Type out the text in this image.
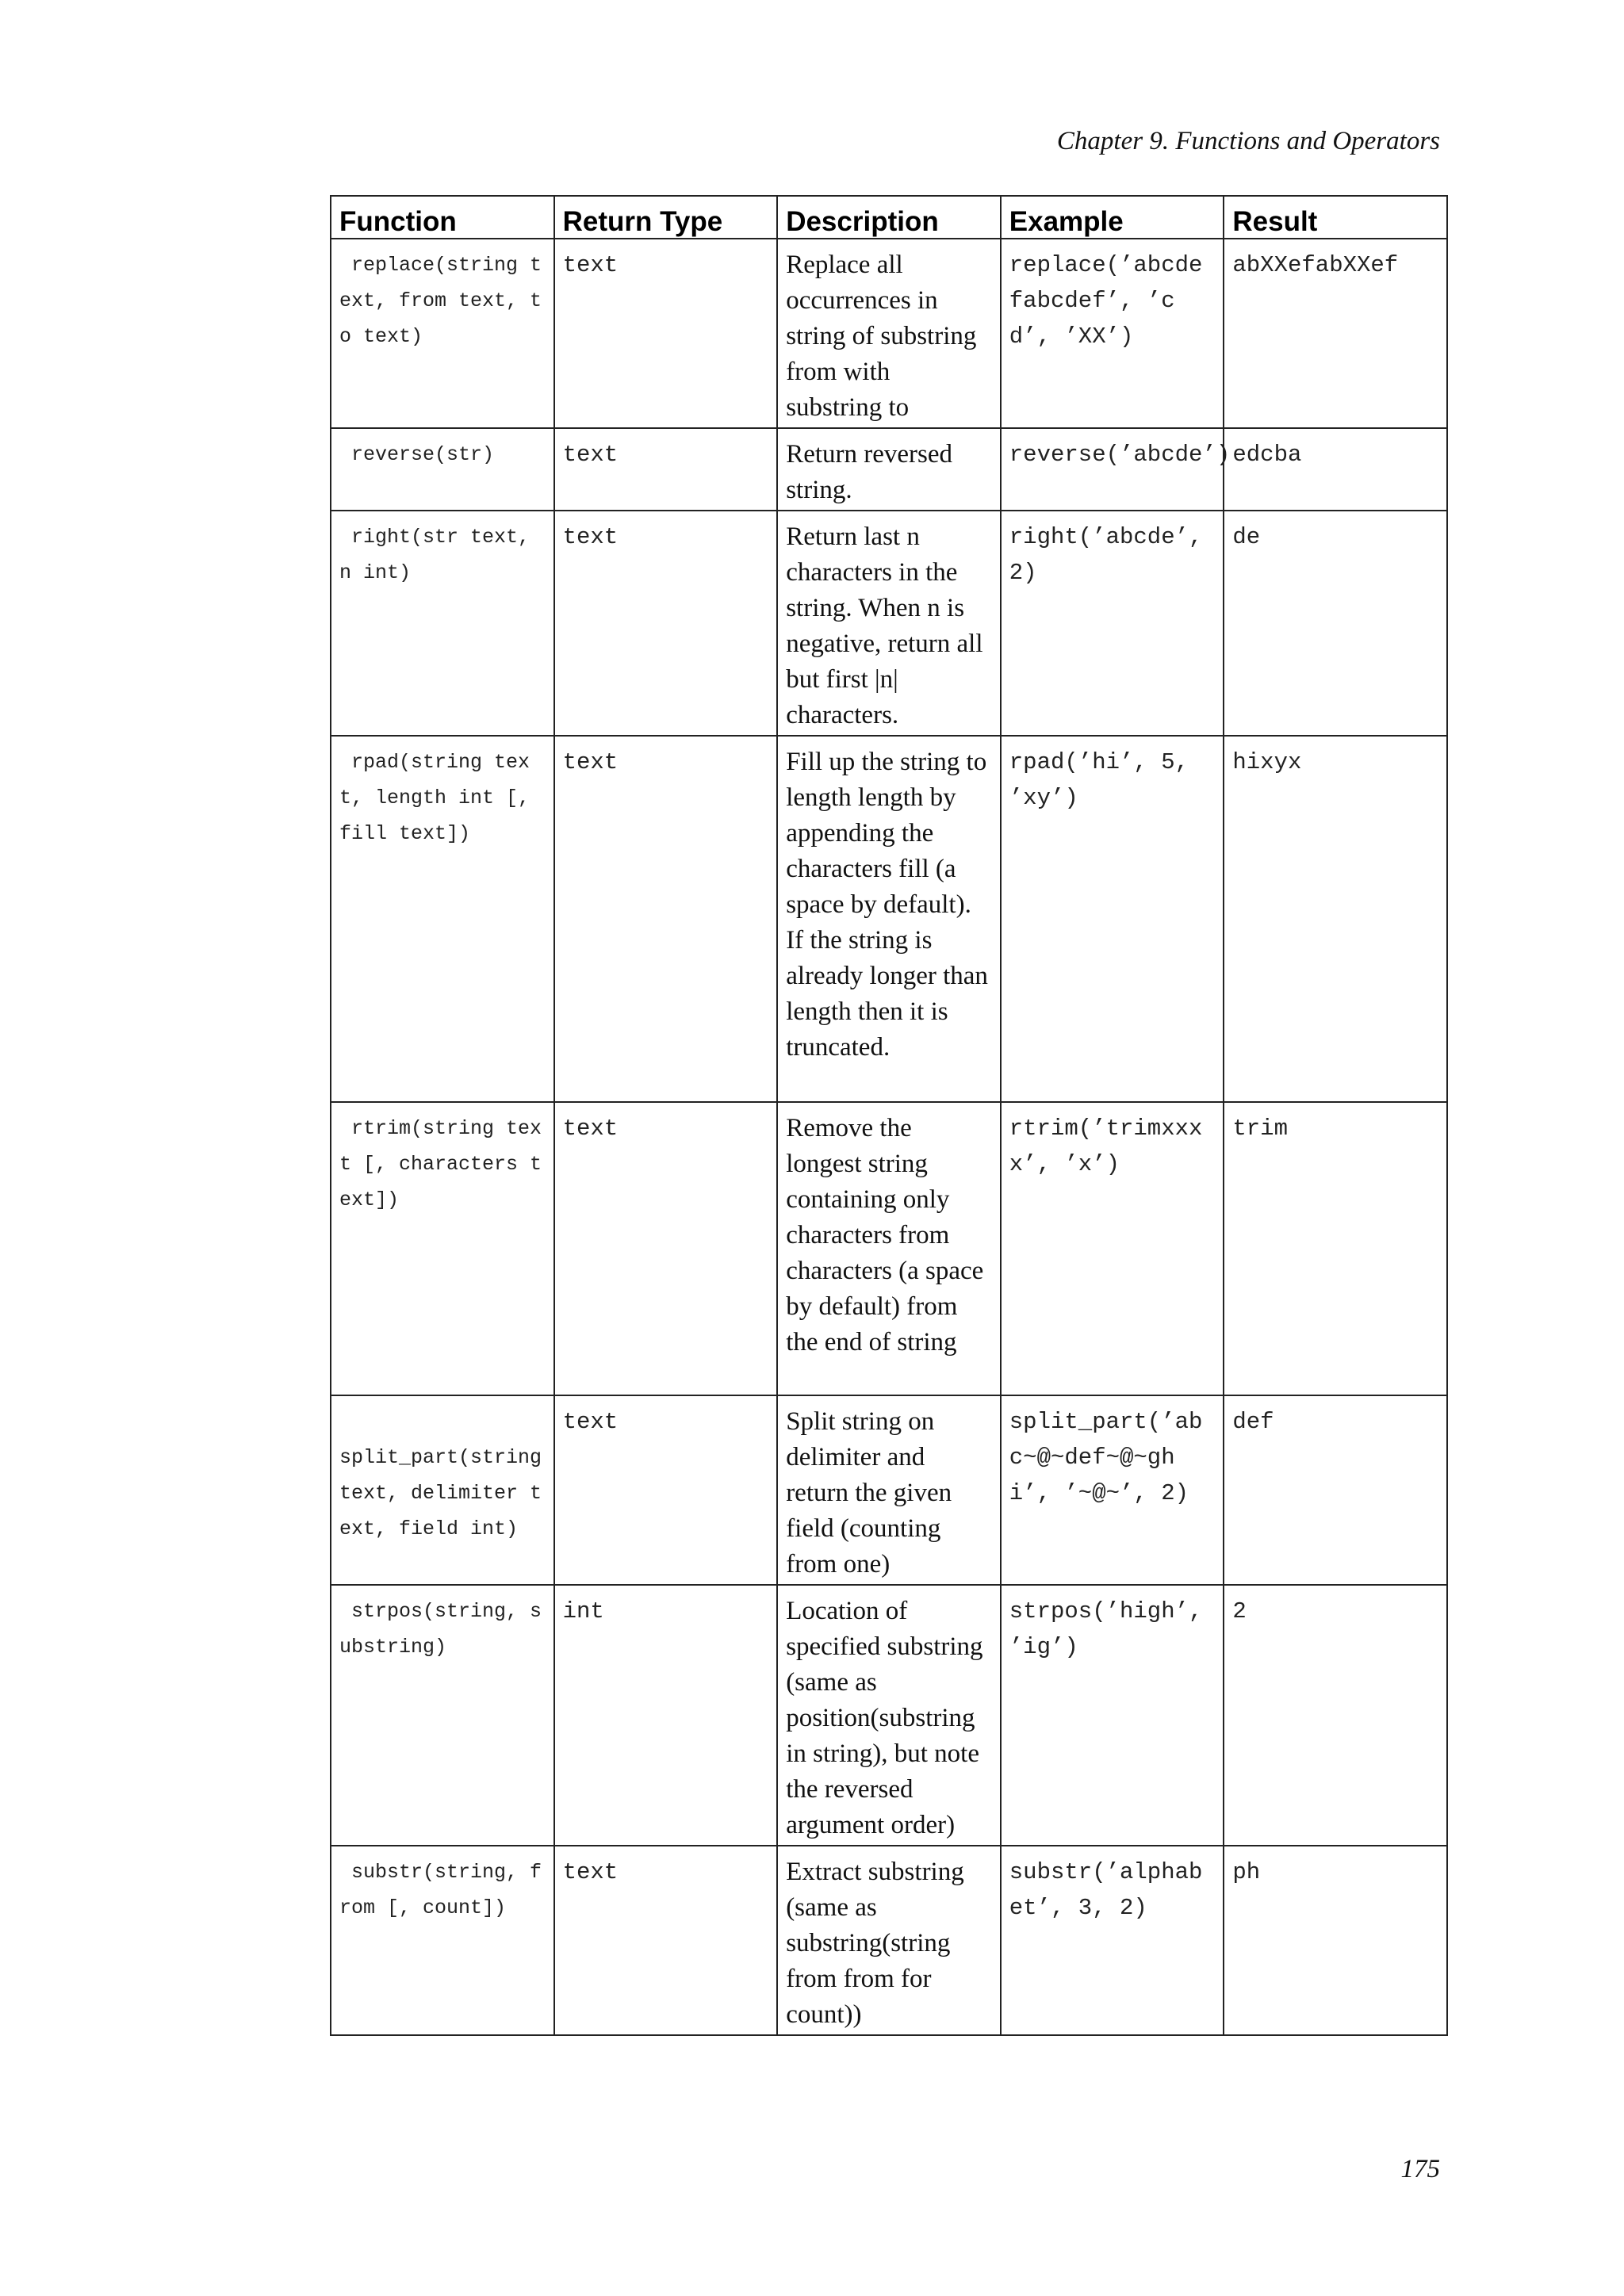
Chapter 9. Functions and Operators
Function	Return Type	Description	Example	Result

replace(string text, from text, to text)	text	Replace all occurrences in string of substring from with substring to	replace(’abcdefabcdef’, ’cd’, ’XX’)	abXXefabXXef

reverse(str)	text	Return reversed string.	reverse(’abcde’)	edcba

right(str text, n int)	text	Return last n characters in the string. When n is negative, return all but first |n| characters.	right(’abcde’, 2)	de

rpad(string text, length int [, fill text])	text	Fill up the string to length length by appending the characters fill (a space by default). If the string is already longer than length then it is truncated.	rpad(’hi’, 5, ’xy’)	hixyx

rtrim(string text [, characters text])	text	Remove the longest string containing only characters from characters (a space by default) from the end of string	rtrim(’trimxxxx’, ’x’)	trim

split_part(string text, delimiter text, field int)	text	Split string on delimiter and return the given field (counting from one)	split_part(’abc~@~def~@~ghi’, ’~@~’, 2)	def

strpos(string, substring)	int	Location of specified substring (same as position(substring in string), but note the reversed argument order)	strpos(’high’, ’ig’)	2

substr(string, from [, count])	text	Extract substring (same as substring(string from from for count))	substr(’alphabet’, 3, 2)	ph
175
